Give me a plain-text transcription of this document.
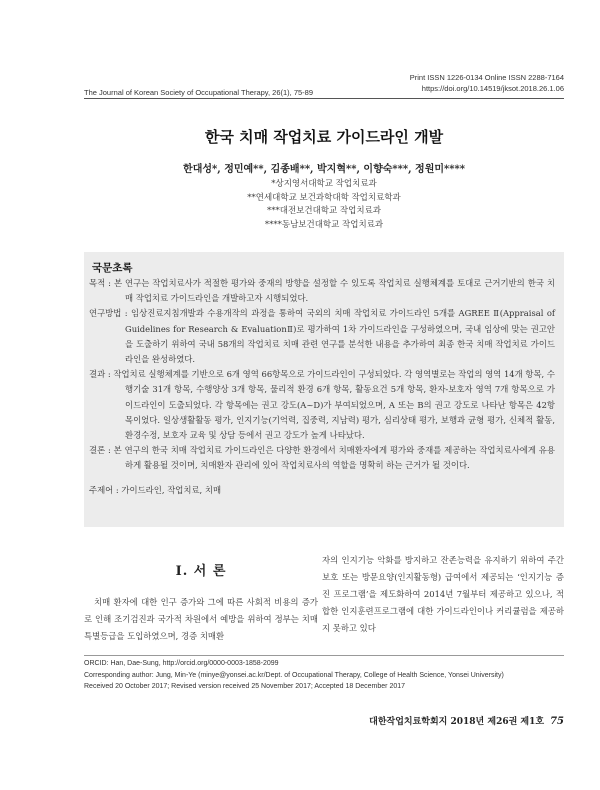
Print ISSN 1226-0134 Online ISSN 2288-7164
https://doi.org/10.14519/jksot.2018.26.1.06
The Journal of Korean Society of Occupational Therapy, 26(1), 75-89
한국 치매 작업치료 가이드라인 개발
한대성*, 정민예**, 김종배**, 박지혁**, 이향숙***, 정원미****
*상지영서대학교 작업치료과
**연세대학교 보건과학대학 작업치료학과
***대전보건대학교 작업치료과
****동남보건대학교 작업치료과
국문초록

목적 : 본 연구는 작업치료사가 적절한 평가와 중재의 방향을 설정할 수 있도록 작업치료 실행체계를 토대로 근거기반의 한국 치매 작업치료 가이드라인을 개발하고자 시행되었다.

연구방법 : 임상진료지침개발과 수용개작의 과정을 통하여 국외의 치매 작업치료 가이드라인 5개를 AGREE Ⅱ(Appraisal of Guidelines for Research & EvaluationⅡ)로 평가하여 1차 가이드라인을 구성하였으며, 국내 임상에 맞는 권고안을 도출하기 위하여 국내 58개의 작업치료 치매 관련 연구를 분석한 내용을 추가하여 최종 한국 치매 작업치료 가이드라인을 완성하였다.

결과 : 작업치료 실행체계를 기반으로 6개 영역 66항목으로 가이드라인이 구성되었다. 각 영역별로는 작업의 영역 14개 항목, 수행기술 31개 항목, 수행양상 3개 항목, 물리적 환경 6개 항목, 활동요건 5개 항목, 환자-보호자 영역 7개 항목으로 가이드라인이 도출되었다. 각 항목에는 권고 강도(A~D)가 부여되었으며, A 또는 B의 권고 강도로 나타난 항목은 42항목이었다. 일상생활활동 평가, 인지기능(기억력, 집중력, 지남력) 평가, 심리상태 평가, 보행과 균형 평가, 신체적 활동, 환경수정, 보호자 교육 및 상담 등에서 권고 강도가 높게 나타났다.

결론 : 본 연구의 한국 치매 작업치료 가이드라인은 다양한 환경에서 치매환자에게 평가와 중재를 제공하는 작업치료사에게 유용하게 활용될 것이며, 치매환자 관리에 있어 작업치료사의 역할을 명확히 하는 근거가 될 것이다.

주제어 : 가이드라인, 작업치료, 치매

Ⅰ. 서 론

치매 환자에 대한 인구 증가와 그에 따른 사회적 비용의 증가로 인해 조기검진과 국가적 차원에서 예방을 위하여 정부는 치매특별등급을 도입하였으며, 경증 치매환

자의 인지기능 악화를 방지하고 잔존능력을 유지하기 위하여 주간보호 또는 방문요양(인지활동형) 급여에서 제공되는 ‘인지기능 증진 프로그램’을 제도화하여 2014년 7월부터 제공하고 있으나, 적합한 인지훈련프로그램에 대한 가이드라인이나 커리큘럼을 제공하지 못하고 있다

ORCID: Han, Dae-Sung, http://orcid.org/0000-0003-1858-2099
Corresponding author: Jung, Min-Ye (minye@yonsei.ac.kr/Dept. of Occupational Therapy, College of Health Science, Yonsei University)
Received 20 October 2017; Revised version received 25 November 2017; Accepted 18 December 2017
대한작업치료학회지 2018년 제26권 제1호 75
